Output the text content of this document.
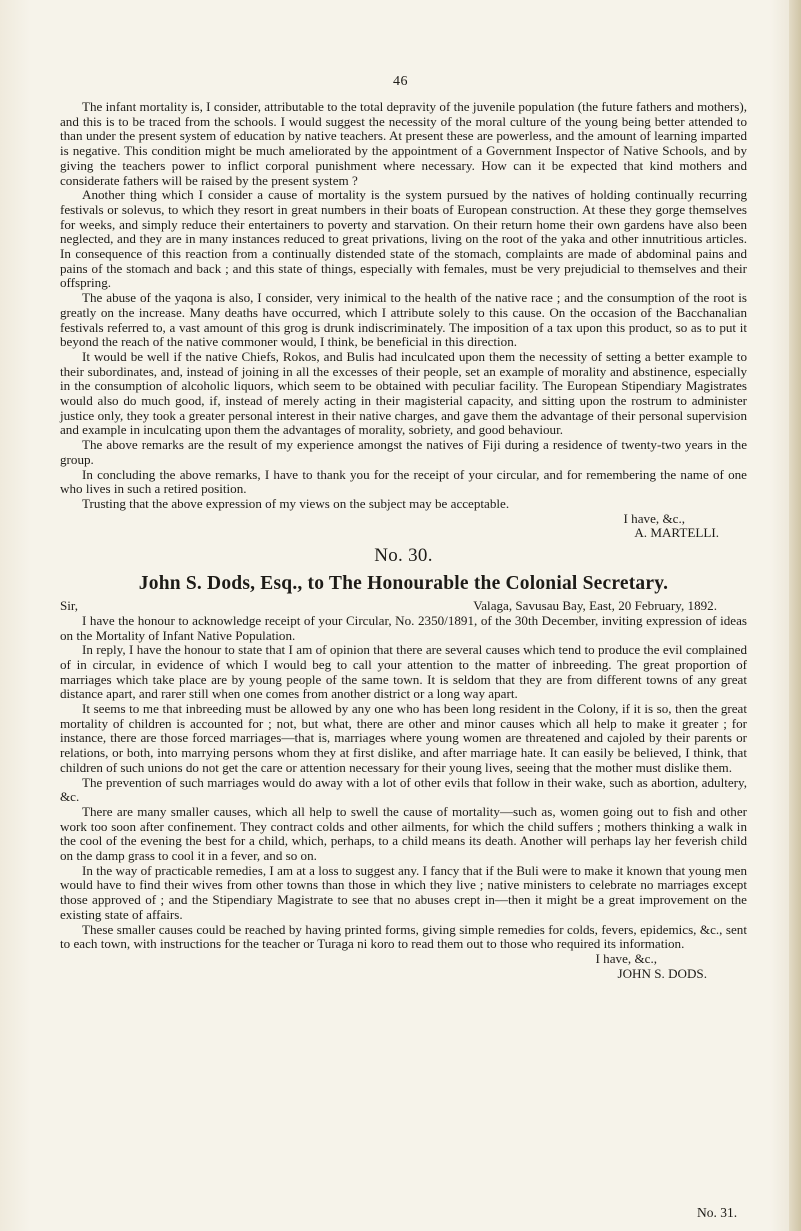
46

The infant mortality is, I consider, attributable to the total depravity of the juvenile population (the future fathers and mothers), and this is to be traced from the schools. I would suggest the necessity of the moral culture of the young being better attended to than under the present system of education by native teachers. At present these are powerless, and the amount of learning imparted is negative. This condition might be much ameliorated by the appointment of a Government Inspector of Native Schools, and by giving the teachers power to inflict corporal punishment where necessary. How can it be expected that kind mothers and considerate fathers will be raised by the present system ?

Another thing which I consider a cause of mortality is the system pursued by the natives of holding continually recurring festivals or solevus, to which they resort in great numbers in their boats of European construction. At these they gorge themselves for weeks, and simply reduce their entertainers to poverty and starvation. On their return home their own gardens have also been neglected, and they are in many instances reduced to great privations, living on the root of the yaka and other innutritious articles. In consequence of this reaction from a continually distended state of the stomach, complaints are made of abdominal pains and pains of the stomach and back ; and this state of things, especially with females, must be very prejudicial to themselves and their offspring.

The abuse of the yaqona is also, I consider, very inimical to the health of the native race ; and the consumption of the root is greatly on the increase. Many deaths have occurred, which I attribute solely to this cause. On the occasion of the Bacchanalian festivals referred to, a vast amount of this grog is drunk indiscriminately. The imposition of a tax upon this product, so as to put it beyond the reach of the native commoner would, I think, be beneficial in this direction.

It would be well if the native Chiefs, Rokos, and Bulis had inculcated upon them the necessity of setting a better example to their subordinates, and, instead of joining in all the excesses of their people, set an example of morality and abstinence, especially in the consumption of alcoholic liquors, which seem to be obtained with peculiar facility. The European Stipendiary Magistrates would also do much good, if, instead of merely acting in their magisterial capacity, and sitting upon the rostrum to administer justice only, they took a greater personal interest in their native charges, and gave them the advantage of their personal supervision and example in inculcating upon them the advantages of morality, sobriety, and good behaviour.

The above remarks are the result of my experience amongst the natives of Fiji during a residence of twenty-two years in the group.

In concluding the above remarks, I have to thank you for the receipt of your circular, and for remembering the name of one who lives in such a retired position.

Trusting that the above expression of my views on the subject may be acceptable.

I have, &c.,
A. MARTELLI.
No. 30.
John S. Dods, Esq., to The Honourable the Colonial Secretary.
Sir,	Valaga, Savusau Bay, East, 20 February, 1892.

I have the honour to acknowledge receipt of your Circular, No. 2350/1891, of the 30th December, inviting expression of ideas on the Mortality of Infant Native Population.

In reply, I have the honour to state that I am of opinion that there are several causes which tend to produce the evil complained of in circular, in evidence of which I would beg to call your attention to the matter of inbreeding. The great proportion of marriages which take place are by young people of the same town. It is seldom that they are from different towns of any great distance apart, and rarer still when one comes from another district or a long way apart.

It seems to me that inbreeding must be allowed by any one who has been long resident in the Colony, if it is so, then the great mortality of children is accounted for ; not, but what, there are other and minor causes which all help to make it greater ; for instance, there are those forced marriages—that is, marriages where young women are threatened and cajoled by their parents or relations, or both, into marrying persons whom they at first dislike, and after marriage hate. It can easily be believed, I think, that children of such unions do not get the care or attention necessary for their young lives, seeing that the mother must dislike them.

The prevention of such marriages would do away with a lot of other evils that follow in their wake, such as abortion, adultery, &c.

There are many smaller causes, which all help to swell the cause of mortality—such as, women going out to fish and other work too soon after confinement. They contract colds and other ailments, for which the child suffers ; mothers thinking a walk in the cool of the evening the best for a child, which, perhaps, to a child means its death. Another will perhaps lay her feverish child on the damp grass to cool it in a fever, and so on.

In the way of practicable remedies, I am at a loss to suggest any. I fancy that if the Buli were to make it known that young men would have to find their wives from other towns than those in which they live ; native ministers to celebrate no marriages except those approved of ; and the Stipendiary Magistrate to see that no abuses crept in—then it might be a great improvement on the existing state of affairs.

These smaller causes could be reached by having printed forms, giving simple remedies for colds, fevers, epidemics, &c., sent to each town, with instructions for the teacher or Turaga ni koro to read them out to those who required its information.

I have, &c.,
JOHN S. DODS.
No. 31.
